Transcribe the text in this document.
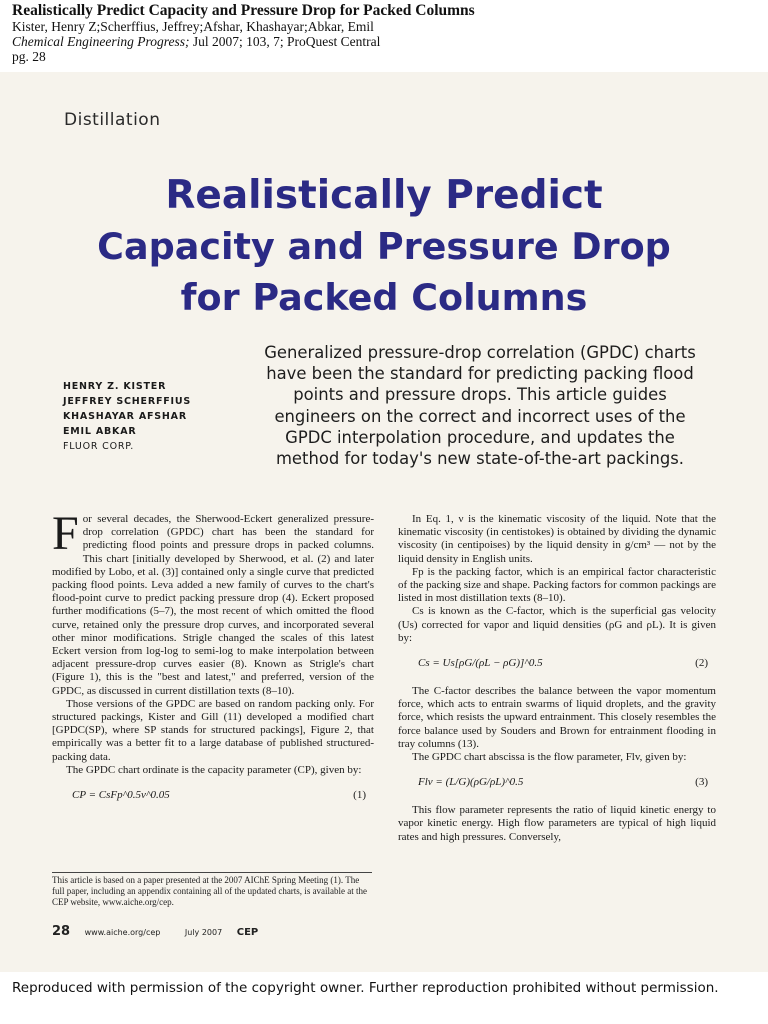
Realistically Predict Capacity and Pressure Drop for Packed Columns
Kister, Henry Z;Scherffius, Jeffrey;Afshar, Khashayar;Abkar, Emil
Chemical Engineering Progress; Jul 2007; 103, 7; ProQuest Central
pg. 28
Distillation
Realistically Predict
Capacity and Pressure Drop
for Packed Columns
HENRY Z. KISTER
JEFFREY SCHERFFIUS
KHASHAYAR AFSHAR
EMIL ABKAR
FLUOR CORP.
Generalized pressure-drop correlation (GPDC) charts have been the standard for predicting packing flood points and pressure drops. This article guides engineers on the correct and incorrect uses of the GPDC interpolation procedure, and updates the method for today's new state-of-the-art packings.

For several decades, the Sherwood-Eckert generalized pressure-drop correlation (GPDC) chart has been the standard for predicting flood points and pressure drops in packed columns. This chart [initially developed by Sherwood, et al. (2) and later modified by Lobo, et al. (3)] contained only a single curve that predicted packing flood points. Leva added a new family of curves to the chart's flood-point curve to predict packing pressure drop (4). Eckert proposed further modifications (5–7), the most recent of which omitted the flood curve, retained only the pressure drop curves, and incorporated several other minor modifications. Strigle changed the scales of this latest Eckert version from log-log to semi-log to make interpolation between adjacent pressure-drop curves easier (8). Known as Strigle's chart (Figure 1), this is the "best and latest," and preferred, version of the GPDC, as discussed in current distillation texts (8–10).

Those versions of the GPDC are based on random packing only. For structured packings, Kister and Gill (11) developed a modified chart [GPDC(SP), where SP stands for structured packings], Figure 2, that empirically was a better fit to a large database of published structured-packing data.

The GPDC chart ordinate is the capacity parameter (CP), given by:

CP = CsFp^0.5ν^0.05	(1)
This article is based on a paper presented at the 2007 AIChE Spring Meeting (1). The full paper, including an appendix containing all of the updated charts, is available at the CEP website, www.aiche.org/cep.

In Eq. 1, ν is the kinematic viscosity of the liquid. Note that the kinematic viscosity (in centistokes) is obtained by dividing the dynamic viscosity (in centipoises) by the liquid density in g/cm³ — not by the liquid density in English units.

Fp is the packing factor, which is an empirical factor characteristic of the packing size and shape. Packing factors for common packings are listed in most distillation texts (8–10).

Cs is known as the C-factor, which is the superficial gas velocity (Us) corrected for vapor and liquid densities (ρG and ρL). It is given by:

Cs = Us[ρG/(ρL − ρG)]^0.5	(2)

The C-factor describes the balance between the vapor momentum force, which acts to entrain swarms of liquid droplets, and the gravity force, which resists the upward entrainment. This closely resembles the force balance used by Souders and Brown for entrainment flooding in tray columns (13).

The GPDC chart abscissa is the flow parameter, Flv, given by:

Flv = (L/G)(ρG/ρL)^0.5	(3)

This flow parameter represents the ratio of liquid kinetic energy to vapor kinetic energy. High flow parameters are typical of high liquid rates and high pressures. Conversely,

28 www.aiche.org/cep	July 2007 CEP
Reproduced with permission of the copyright owner. Further reproduction prohibited without permission.
